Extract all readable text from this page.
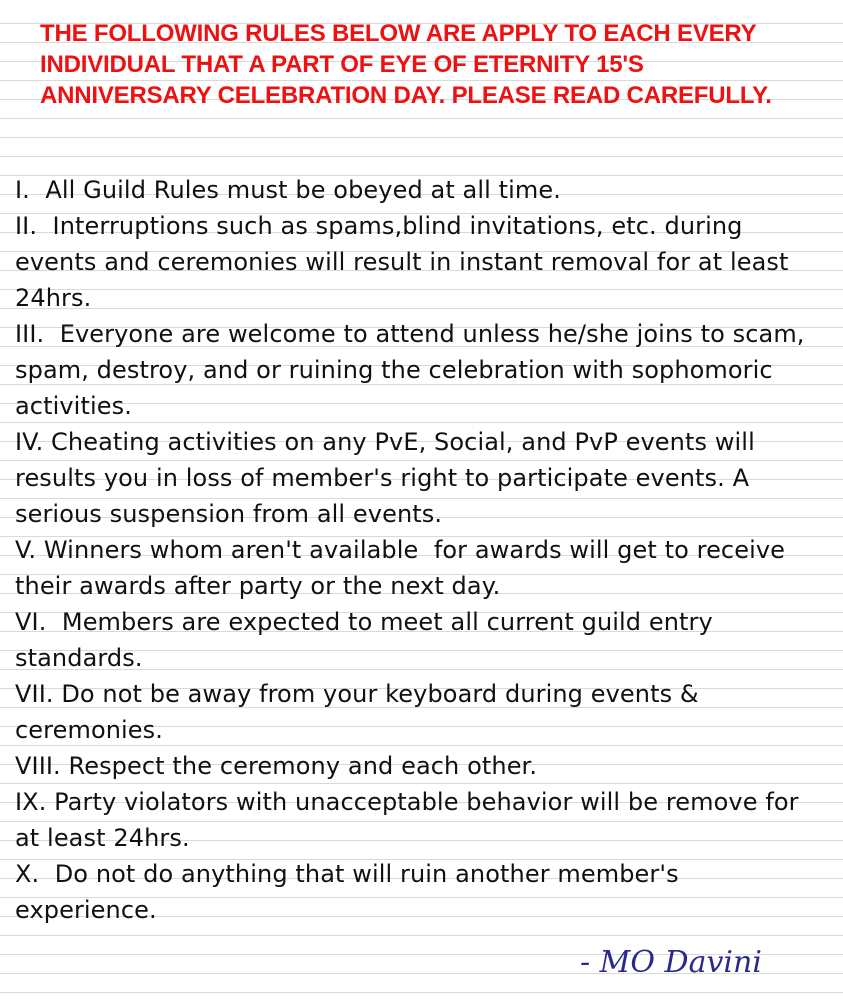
THE FOLLOWING RULES BELOW ARE APPLY TO EACH EVERY INDIVIDUAL THAT A PART OF EYE OF ETERNITY 15'S ANNIVERSARY CELEBRATION DAY. PLEASE READ CAREFULLY.

I.  All Guild Rules must be obeyed at all time.
II.  Interruptions such as spams,blind invitations, etc. during events and ceremonies will result in instant removal for at least 24hrs.
III.  Everyone are welcome to attend unless he/she joins to scam, spam, destroy, and or ruining the celebration with sophomoric activities.
IV. Cheating activities on any PvE, Social, and PvP events will results you in loss of member's right to participate events. A serious suspension from all events.
V. Winners whom aren't available  for awards will get to receive their awards after party or the next day.
VI.  Members are expected to meet all current guild entry standards.
VII. Do not be away from your keyboard during events & ceremonies.
VIII. Respect the ceremony and each other.
IX. Party violators with unacceptable behavior will be remove for at least 24hrs.
X.  Do not do anything that will ruin another member's experience.
- MO Davini
